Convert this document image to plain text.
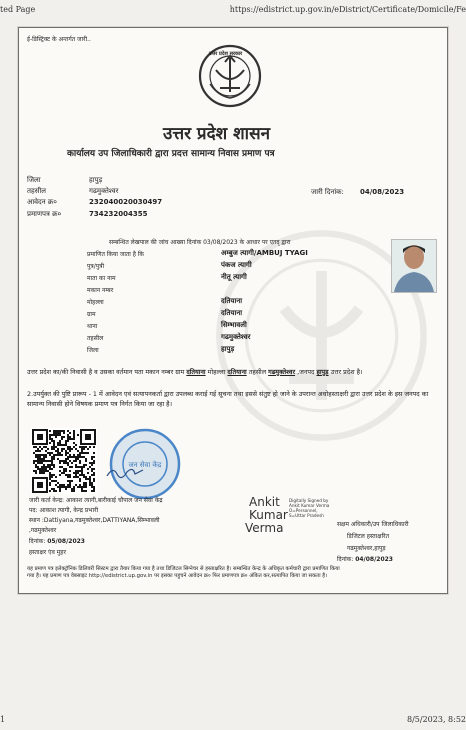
ted Page	https://edistrict.up.gov.in/eDistrict/Certificate/Domicile/Fe
ई-डिस्ट्रिक्ट के अन्तर्गत जारी..
उत्तर प्रदेश सरकार
उत्तर प्रदेश शासन
कार्यालय उप जिलाधिकारी द्वारा प्रदत्त सामान्य निवास प्रमाण पत्र
जिला	हापुड़
तहसील	गढमुक्तेश्वर
आवेदन क्र०	232040020030497
प्रमाणपत्र क्र०	734232004355
जारी दिनांक: 04/08/2023
सम्बन्धित लेखपाल की जांच आख्या दिनांक 03/08/2023 के आधार पर एतद् द्वारा
प्रमाणित किया जाता है कि	अम्बुज त्यागी/AMBUJ TYAGI
पुत्र/पुत्री	पंकज त्यागी
माता का नाम	नीतू त्यागी
मकान नम्बर
मोहल्ला	दतियाना
ग्राम	दतियाना
थाना	सिम्भावली
तहसील	गढमुक्तेश्वर
जिला	हापुड़
उत्तर प्रदेश का/की निवासी है व उसका वर्तमान पता मकान नम्बर ग्राम दतियाना मोहल्ला दतियाना तहसील गढमुक्तेश्वर ,जनपद हापुड़ उत्तर प्रदेश है।
2.उपर्युक्त की पुष्टि प्रारूप - 1 में आवेदन एवं सत्यापनकर्ता द्वारा उपलब्ध कराई गई सूचना तथा इससे संतुष्ट हो जाने के उपरान्त अधोहस्ताक्षरी द्वारा उत्तर प्रदेश के इस जनपद का सामान्य निवासी होने विषयक प्रमाण पत्र निर्गत किया जा रहा है।
जन सेवा केंद्र
जारी कर्ता केन्द्र: आकाश त्यागी,बारीकाई चौपाल जन सेवा केंद्र
पद: आकाश त्यागी, केन्द्र प्रभारी
स्थान :Dattiyana,गढमुक्तेश्वर,DATTIYANA,सिम्भावली
,गढमुक्तेश्वर
दिनांक: 05/08/2023
हस्ताक्षर एंव मुहर
Ankit
Kumar
Verma
Digitally Signed by
Ankit Kumar Verma
O=Personnel,
S=Uttar Pradesh
सक्षम अधिकारी/उप जिलाधिकारी
डिजिटल हस्ताक्षरित
गढमुक्तेश्वर,हापुड़
दिनांक: 04/08/2023
यह प्रमाण पत्र इलेक्ट्रॉनिक डिलिवरी सिस्टम द्वारा तैयार किया गया है तथा डिजिटल सिग्नेचर से हस्ताक्षरित है। सम्बन्धित केन्द्र के अधिकृत कर्मचारी द्वारा प्रमाणित किया
गया है। यह प्रमाण पत्र वेबसाइट http://edistrict.up.gov.in पर इसका पहुचने आवेदन क्र० फिर प्रमाणपत्र क्र० अंकित कर,सत्यापित किया जा सकता है।
1	8/5/2023, 8:52
